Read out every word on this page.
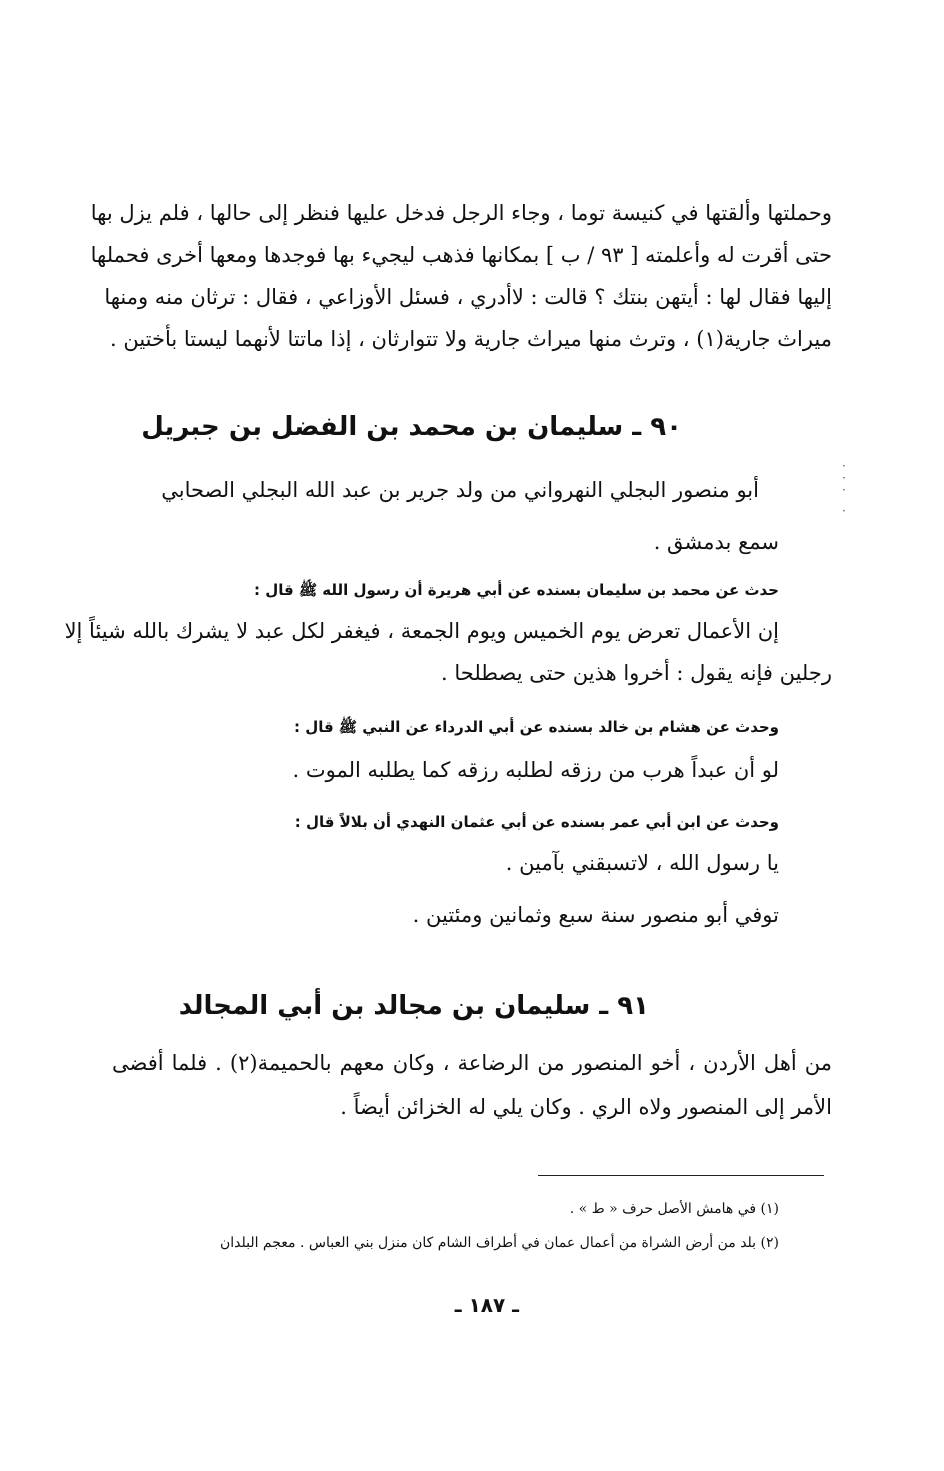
وحملتها وألقتها في كنيسة توما ، وجاء الرجل فدخل عليها فنظر إلى حالها ، فلم يزل بها
حتى أقرت له وأعلمته [ ٩٣ / ب ] بمكانها فذهب ليجيء بها فوجدها ومعها أخرى فحملها
إليها فقال لها : أيتهن بنتك ؟ قالت : لاأدري ، فسئل الأوزاعي ، فقال : ترثان منه ومنها
ميراث جارية(١) ، وترث منها ميراث جارية ولا تتوارثان ، إذا ماتتا لأنهما ليستا بأختين .
٩٠ ـ سليمان بن محمد بن الفضل بن جبريل
أبو منصور البجلي النهرواني من ولد جرير بن عبد الله البجلي الصحابي
سمع بدمشق .
حدث عن محمد بن سليمان بسنده عن أبي هريرة أن رسول الله ﷺ قال :
إن الأعمال تعرض يوم الخميس ويوم الجمعة ، فيغفر لكل عبد لا يشرك بالله شيئاً إلا
رجلين فإنه يقول : أخروا هذين حتى يصطلحا .
وحدث عن هشام بن خالد بسنده عن أبي الدرداء عن النبي ﷺ قال :
لو أن عبداً هرب من رزقه لطلبه رزقه كما يطلبه الموت .
وحدث عن ابن أبي عمر بسنده عن أبي عثمان النهدي أن بلالاً قال :
يا رسول الله ، لاتسبقني بآمين .
توفي أبو منصور سنة سبع وثمانين ومئتين .
٩١ ـ سليمان بن مجالد بن أبي المجالد
من أهل الأردن ، أخو المنصور من الرضاعة ، وكان معهم بالحميمة(٢) . فلما أفضى
الأمر إلى المنصور ولاه الري . وكان يلي له الخزائن أيضاً .
(١) في هامش الأصل حرف « ط » .
(٢) بلد من أرض الشراة من أعمال عمان في أطراف الشام كان منزل بني العباس . معجم البلدان
ـ ١٨٧ ـ
·
·
·
·
